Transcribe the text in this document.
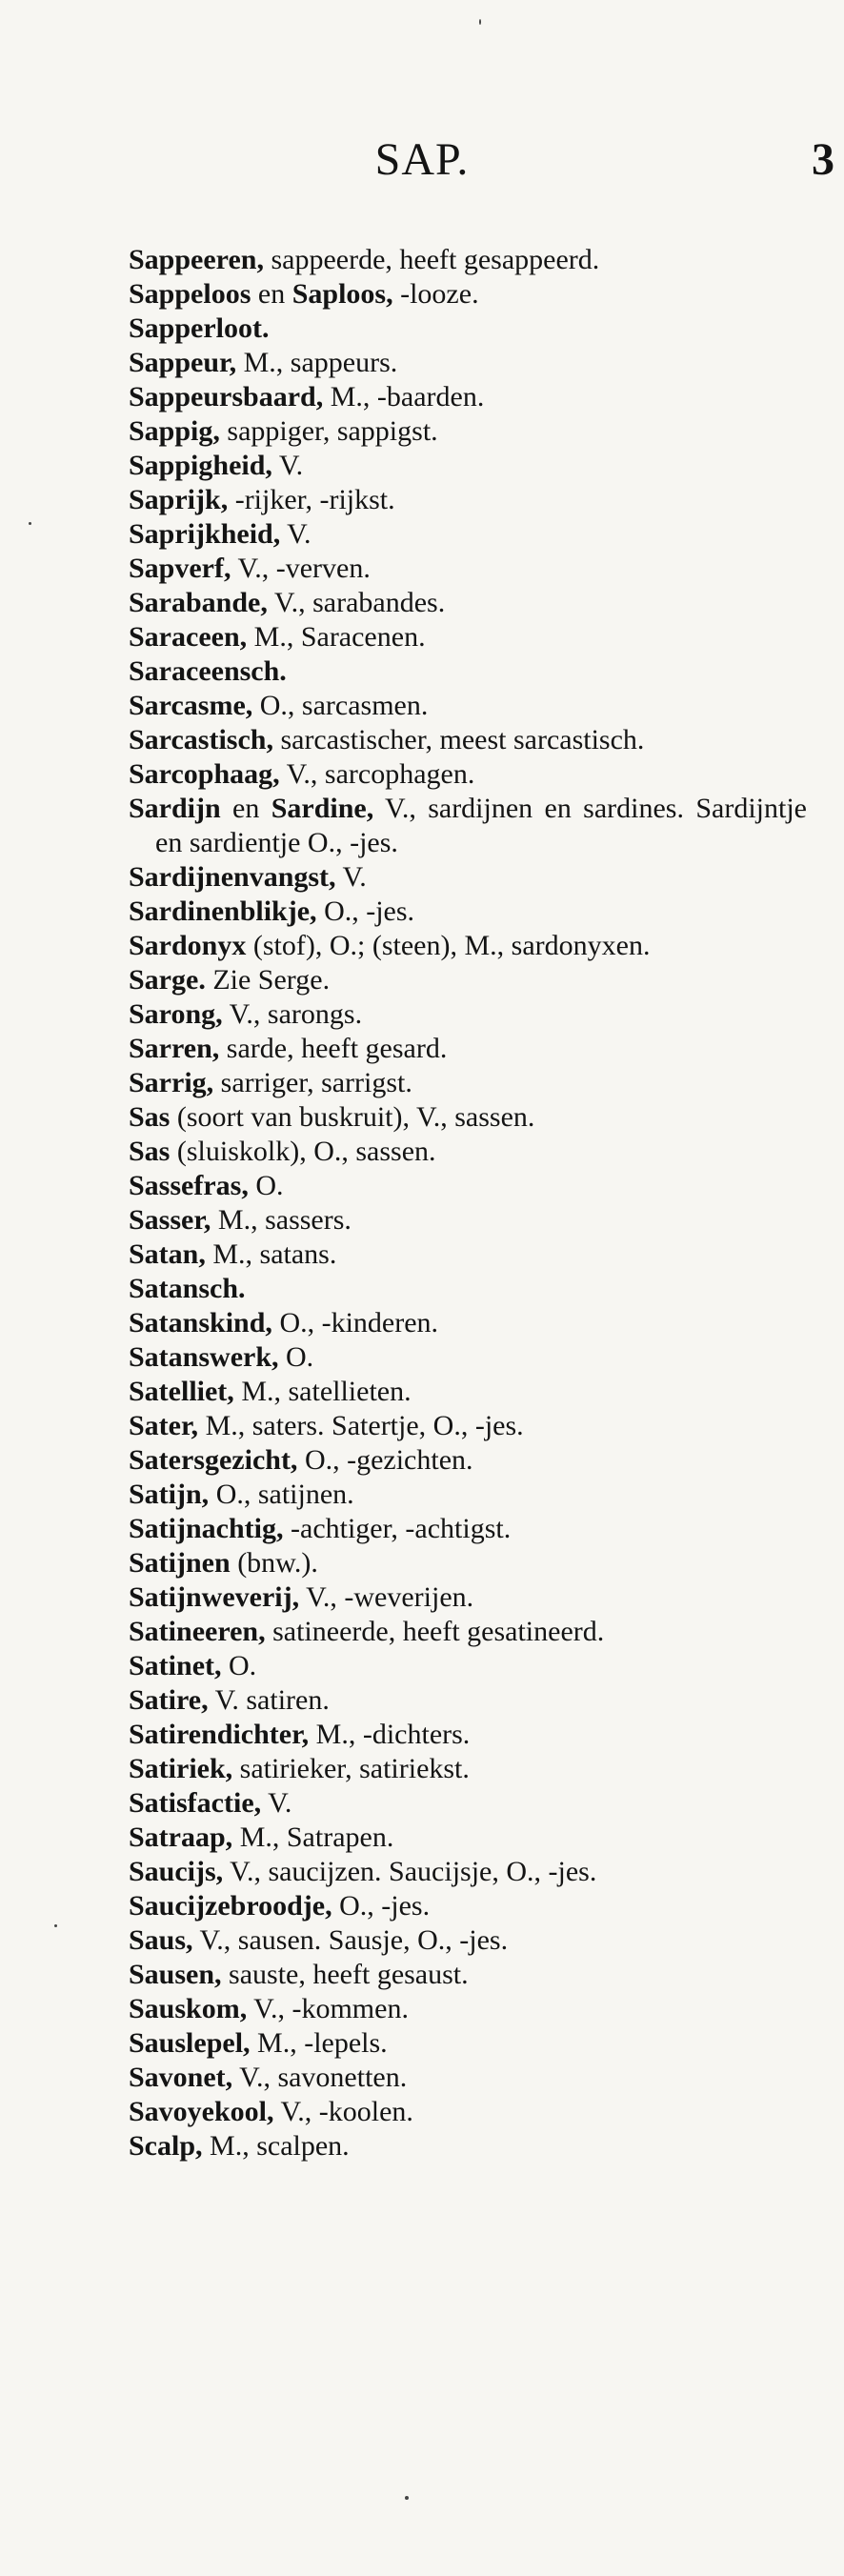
SAP.	3
Sappeeren, sappeerde, heeft gesappeerd.
Sappeloos en Saploos, -looze.
Sapperloot.
Sappeur, M., sappeurs.
Sappeursbaard, M., -baarden.
Sappig, sappiger, sappigst.
Sappigheid, V.
Saprijk, -rijker, -rijkst.
Saprijkheid, V.
Sapverf, V., -verven.
Sarabande, V., sarabandes.
Saraceen, M., Saracenen.
Saraceensch.
Sarcasme, O., sarcasmen.
Sarcastisch, sarcastischer, meest sarcastisch.
Sarcophaag, V., sarcophagen.
Sardijn en Sardine, V., sardijnen en sardines. Sardijntje en sardientje O., -jes.
Sardijnenvangst, V.
Sardinenblikje, O., -jes.
Sardonyx (stof), O.; (steen), M., sardonyxen.
Sarge. Zie Serge.
Sarong, V., sarongs.
Sarren, sarde, heeft gesard.
Sarrig, sarriger, sarrigst.
Sas (soort van buskruit), V., sassen.
Sas (sluiskolk), O., sassen.
Sassefras, O.
Sasser, M., sassers.
Satan, M., satans.
Satansch.
Satanskind, O., -kinderen.
Satanswerk, O.
Satelliet, M., satellieten.
Sater, M., saters. Satertje, O., -jes.
Satersgezicht, O., -gezichten.
Satijn, O., satijnen.
Satijnachtig, -achtiger, -achtigst.
Satijnen (bnw.).
Satijnweverij, V., -weverijen.
Satineeren, satineerde, heeft gesatineerd.
Satinet, O.
Satire, V. satiren.
Satirendichter, M., -dichters.
Satiriek, satirieker, satiriekst.
Satisfactie, V.
Satraap, M., Satrapen.
Saucijs, V., saucijzen. Saucijsje, O., -jes.
Saucijzebroodje, O., -jes.
Saus, V., sausen. Sausje, O., -jes.
Sausen, sauste, heeft gesaust.
Sauskom, V., -kommen.
Sauslepel, M., -lepels.
Savonet, V., savonetten.
Savoyekool, V., -koolen.
Scalp, M., scalpen.
